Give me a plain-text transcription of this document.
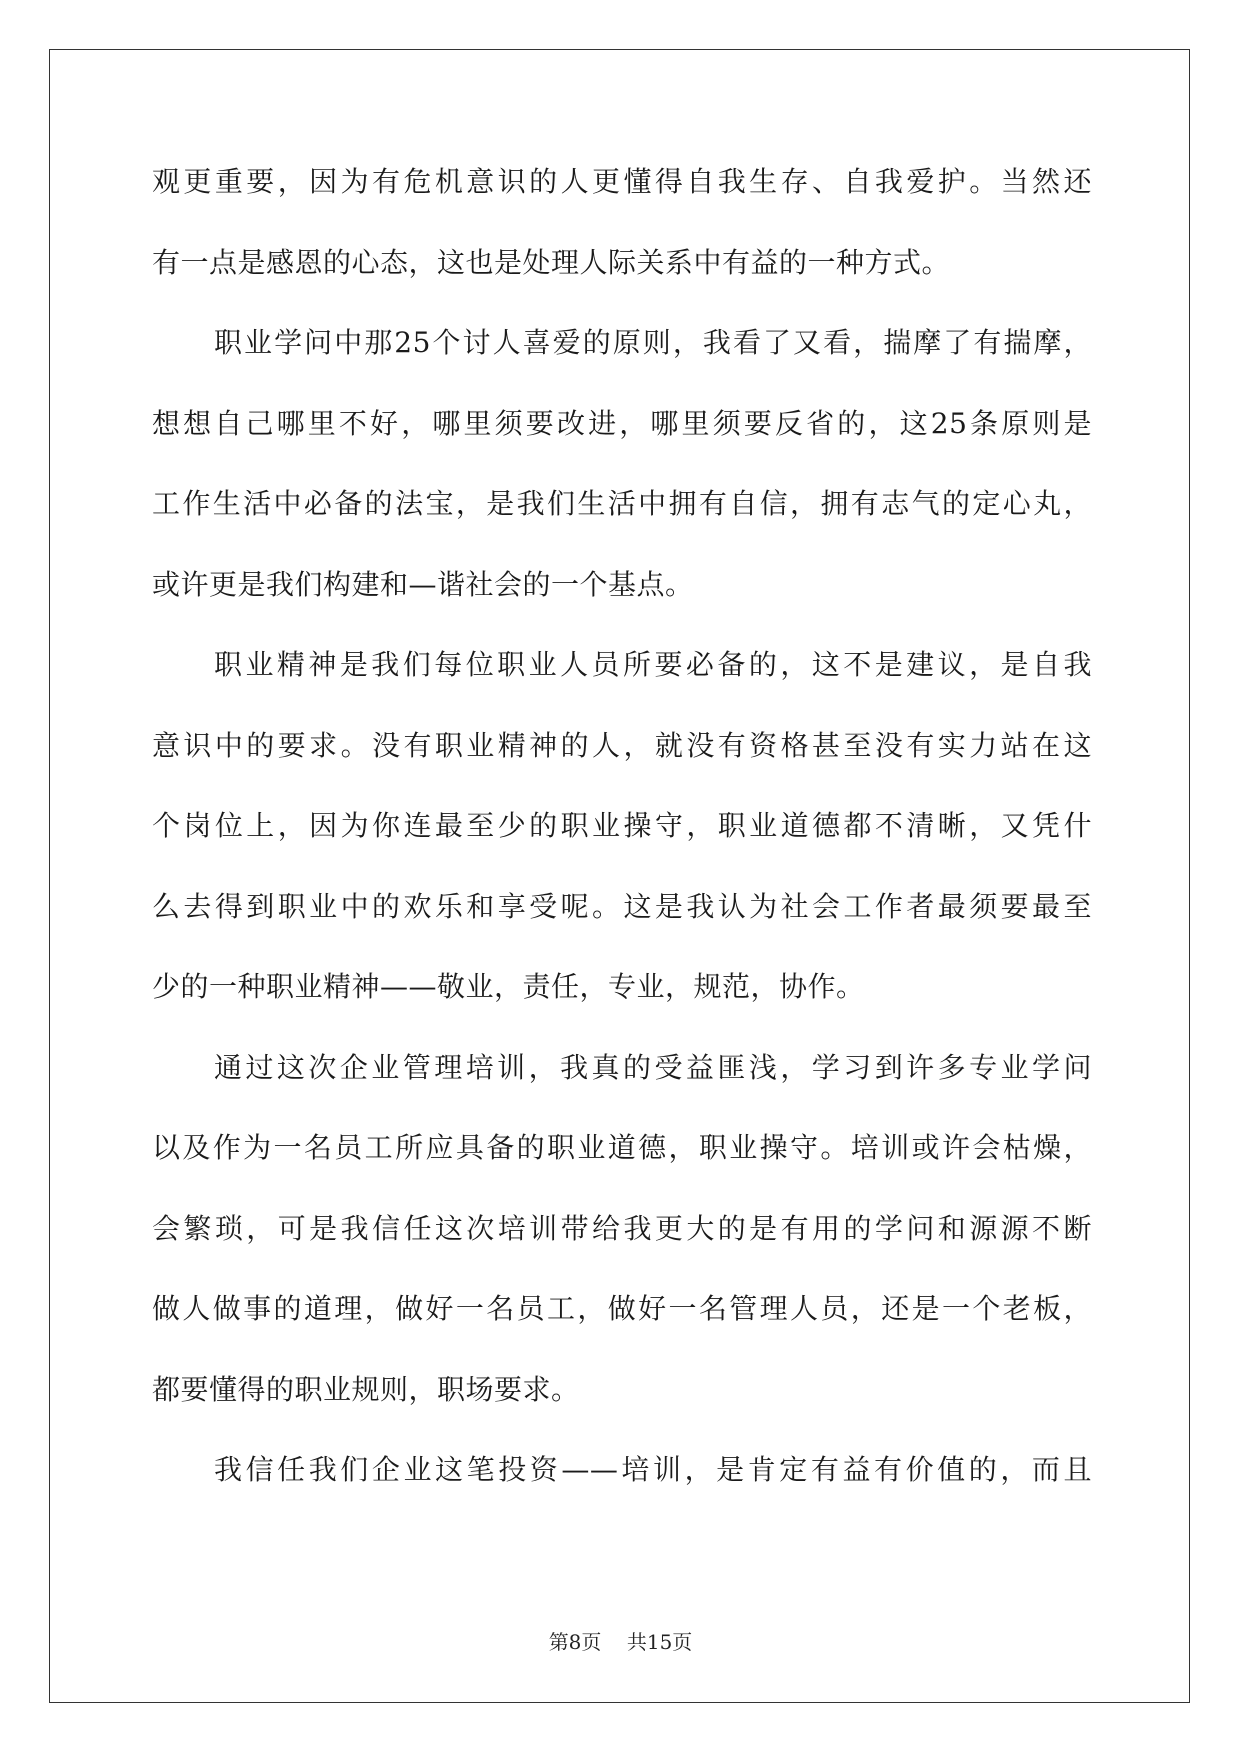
观更重要，因为有危机意识的人更懂得自我生存、自我爱护。当然还
有一点是感恩的心态，这也是处理人际关系中有益的一种方式。
职业学问中那25个讨人喜爱的原则，我看了又看，揣摩了有揣摩，
想想自己哪里不好，哪里须要改进，哪里须要反省的，这25条原则是
工作生活中必备的法宝，是我们生活中拥有自信，拥有志气的定心丸，
或许更是我们构建和—谐社会的一个基点。
职业精神是我们每位职业人员所要必备的，这不是建议，是自我
意识中的要求。没有职业精神的人，就没有资格甚至没有实力站在这
个岗位上，因为你连最至少的职业操守，职业道德都不清晰，又凭什
么去得到职业中的欢乐和享受呢。这是我认为社会工作者最须要最至
少的一种职业精神——敬业，责任，专业，规范，协作。
通过这次企业管理培训，我真的受益匪浅，学习到许多专业学问
以及作为一名员工所应具备的职业道德，职业操守。培训或许会枯燥，
会繁琐，可是我信任这次培训带给我更大的是有用的学问和源源不断
做人做事的道理，做好一名员工，做好一名管理人员，还是一个老板，
都要懂得的职业规则，职场要求。
我信任我们企业这笔投资——培训，是肯定有益有价值的，而且
第8页    共15页
